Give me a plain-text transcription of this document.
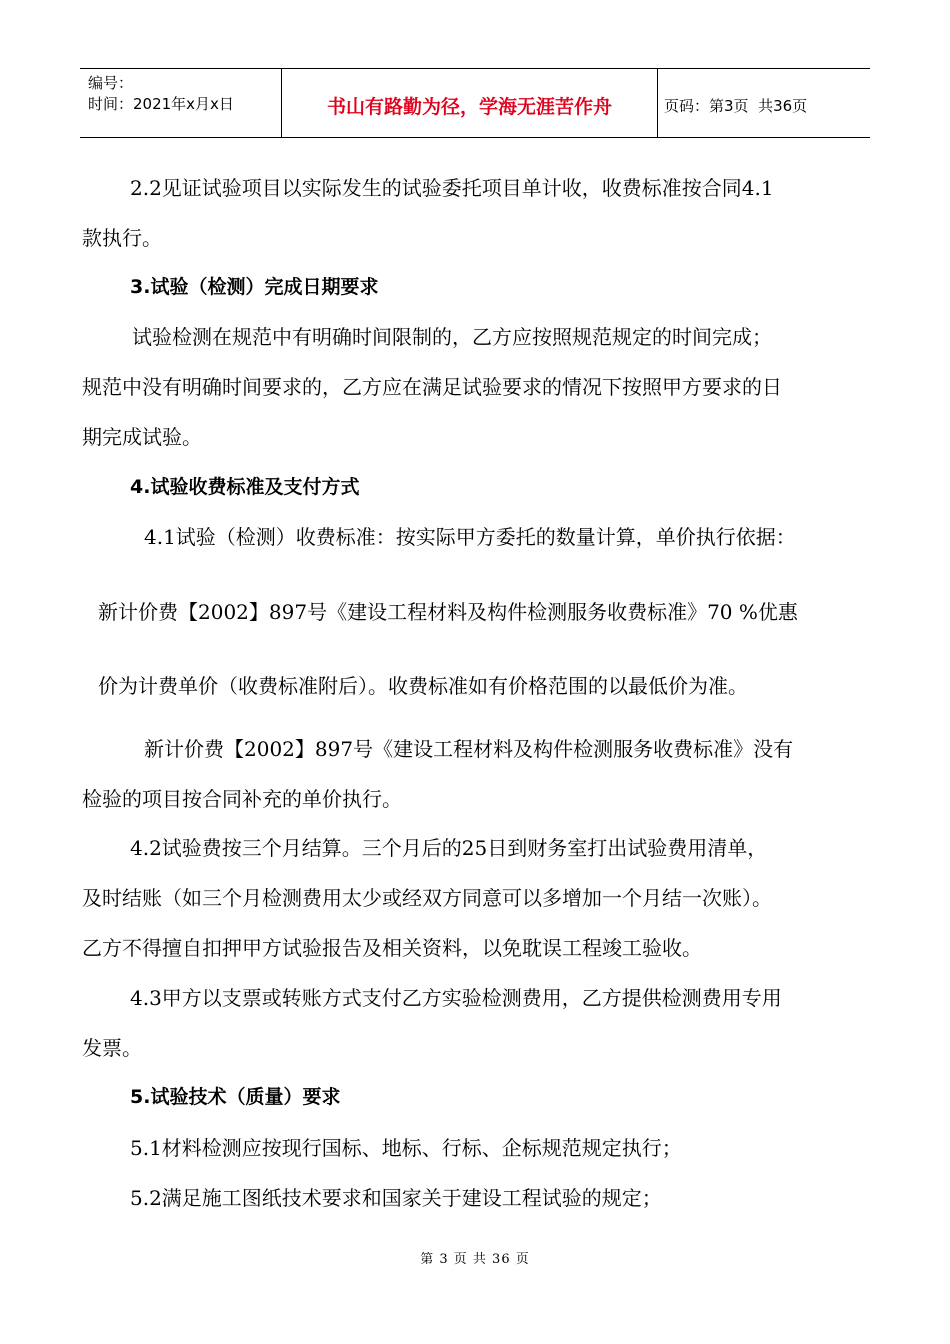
编号：
时间：2021年x月x日	书山有路勤为径，学海无涯苦作舟	页码：第3页  共36页

2.2见证试验项目以实际发生的试验委托项目单计收，收费标准按合同4.1

款执行。

3.试验（检测）完成日期要求

试验检测在规范中有明确时间限制的，乙方应按照规范规定的时间完成；

规范中没有明确时间要求的，乙方应在满足试验要求的情况下按照甲方要求的日

期完成试验。

4.试验收费标准及支付方式

4.1试验（检测）收费标准：按实际甲方委托的数量计算，单价执行依据：

新计价费【2002】897号《建设工程材料及构件检测服务收费标准》70 %优惠

价为计费单价（收费标准附后）。收费标准如有价格范围的以最低价为准。

新计价费【2002】897号《建设工程材料及构件检测服务收费标准》没有

检验的项目按合同补充的单价执行。

4.2试验费按三个月结算。三个月后的25日到财务室打出试验费用清单，

及时结账（如三个月检测费用太少或经双方同意可以多增加一个月结一次账）。

乙方不得擅自扣押甲方试验报告及相关资料，以免耽误工程竣工验收。

4.3甲方以支票或转账方式支付乙方实验检测费用，乙方提供检测费用专用

发票。

5.试验技术（质量）要求

5.1材料检测应按现行国标、地标、行标、企标规范规定执行；

5.2满足施工图纸技术要求和国家关于建设工程试验的规定；

第 3 页 共 36 页
